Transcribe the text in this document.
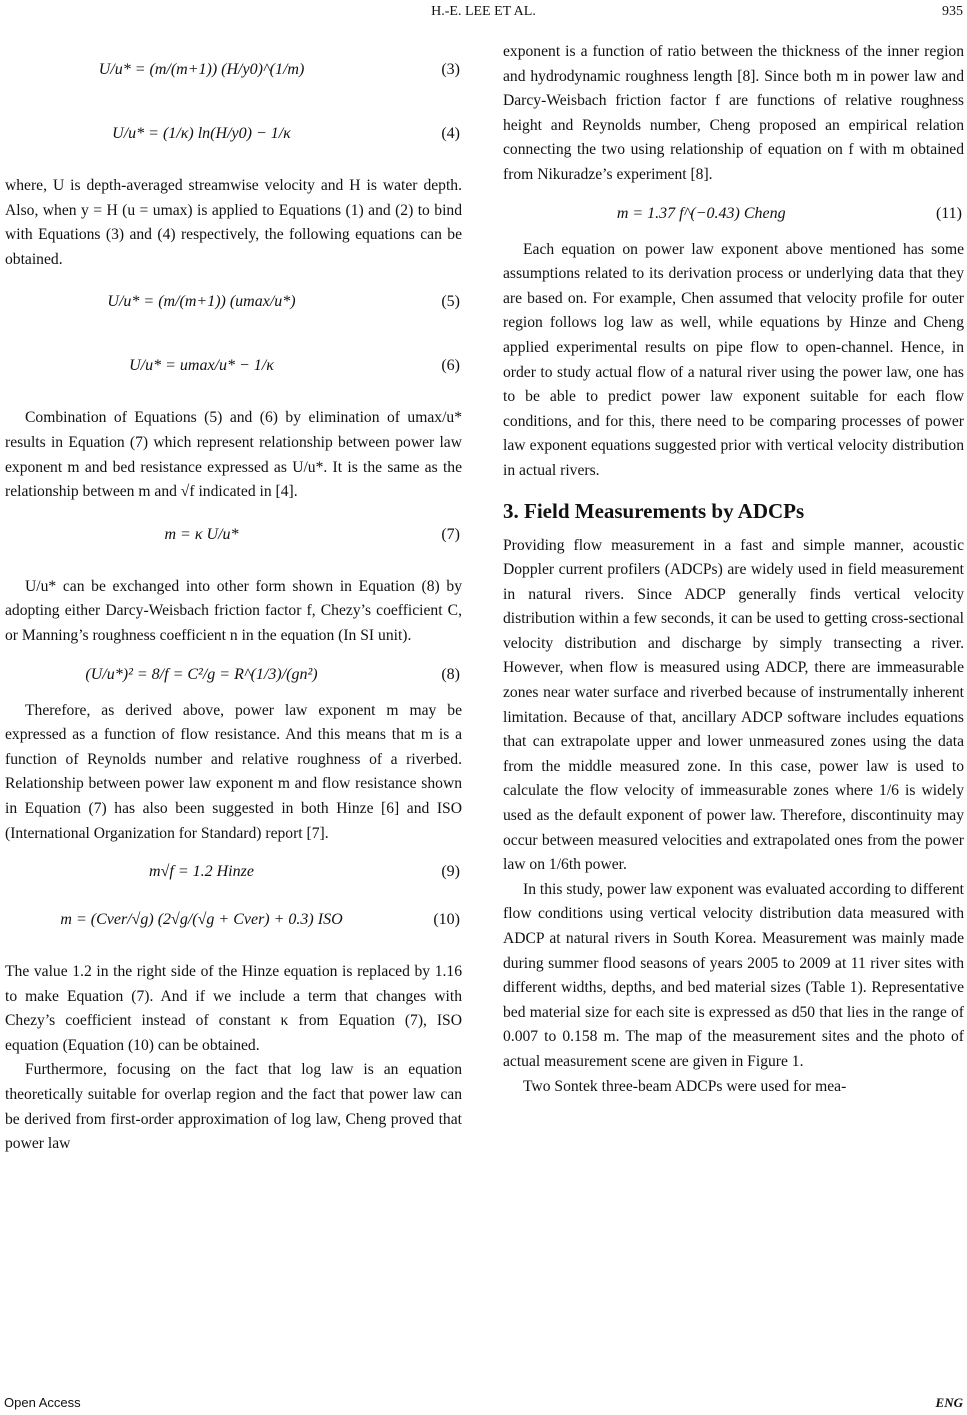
H.-E. LEE ET AL.	935
U/u* = (m/(m+1)) (H/y0)^(1/m)	(3)
U/u* = (1/κ) ln(H/y0) − 1/κ	(4)

where, U is depth-averaged streamwise velocity and H is water depth. Also, when y = H (u = umax) is applied to Equations (1) and (2) to bind with Equations (3) and (4) respectively, the following equations can be obtained.

U/u* = (m/(m+1)) (umax/u*)	(5)
U/u* = umax/u* − 1/κ	(6)

Combination of Equations (5) and (6) by elimination of umax/u* results in Equation (7) which represent relationship between power law exponent m and bed resistance expressed as U/u*. It is the same as the relationship between m and √f indicated in [4].

m = κ U/u*	(7)

U/u* can be exchanged into other form shown in Equation (8) by adopting either Darcy-Weisbach friction factor f, Chezy’s coefficient C, or Manning’s roughness coefficient n in the equation (In SI unit).

(U/u*)² = 8/f = C²/g = R^(1/3)/(gn²)	(8)

Therefore, as derived above, power law exponent m may be expressed as a function of flow resistance. And this means that m is a function of Reynolds number and relative roughness of a riverbed. Relationship between power law exponent m and flow resistance shown in Equation (7) has also been suggested in both Hinze [6] and ISO (International Organization for Standard) report [7].

m√f = 1.2 Hinze	(9)
m = (Cver/√g) (2√g/(√g + Cver) + 0.3) ISO	(10)

The value 1.2 in the right side of the Hinze equation is replaced by 1.16 to make Equation (7). And if we include a term that changes with Chezy’s coefficient instead of constant κ from Equation (7), ISO equation (Equation (10) can be obtained.

Furthermore, focusing on the fact that log law is an equation theoretically suitable for overlap region and the fact that power law can be derived from first-order approximation of log law, Cheng proved that power law

exponent is a function of ratio between the thickness of the inner region and hydrodynamic roughness length [8]. Since both m in power law and Darcy-Weisbach friction factor f are functions of relative roughness height and Reynolds number, Cheng proposed an empirical relation connecting the two using relationship of equation on f with m obtained from Nikuradze’s experiment [8].

m = 1.37 f^(−0.43) Cheng	(11)

Each equation on power law exponent above mentioned has some assumptions related to its derivation process or underlying data that they are based on. For example, Chen assumed that velocity profile for outer region follows log law as well, while equations by Hinze and Cheng applied experimental results on pipe flow to open-channel. Hence, in order to study actual flow of a natural river using the power law, one has to be able to predict power law exponent suitable for each flow conditions, and for this, there need to be comparing processes of power law exponent equations suggested prior with vertical velocity distribution in actual rivers.

3. Field Measurements by ADCPs

Providing flow measurement in a fast and simple manner, acoustic Doppler current profilers (ADCPs) are widely used in field measurement in natural rivers. Since ADCP generally finds vertical velocity distribution within a few seconds, it can be used to getting cross-sectional velocity distribution and discharge by simply transecting a river. However, when flow is measured using ADCP, there are immeasurable zones near water surface and riverbed because of instrumentally inherent limitation. Because of that, ancillary ADCP software includes equations that can extrapolate upper and lower unmeasured zones using the data from the middle measured zone. In this case, power law is used to calculate the flow velocity of immeasurable zones where 1/6 is widely used as the default exponent of power law. Therefore, discontinuity may occur between measured velocities and extrapolated ones from the power law on 1/6th power.

In this study, power law exponent was evaluated according to different flow conditions using vertical velocity distribution data measured with ADCP at natural rivers in South Korea. Measurement was mainly made during summer flood seasons of years 2005 to 2009 at 11 river sites with different widths, depths, and bed material sizes (Table 1). Representative bed material size for each site is expressed as d50 that lies in the range of 0.007 to 0.158 m. The map of the measurement sites and the photo of actual measurement scene are given in Figure 1.

Two Sontek three-beam ADCPs were used for mea-

Open Access	ENG
